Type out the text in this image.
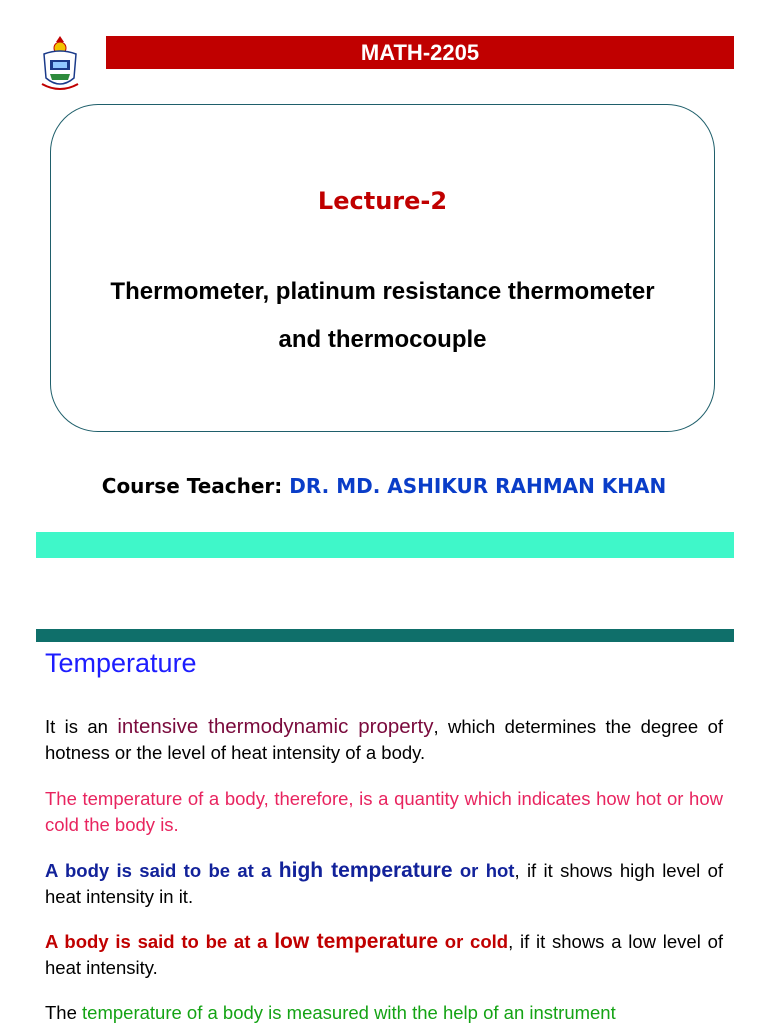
MATH-2205
Lecture-2
Thermometer, platinum resistance thermometer
and thermocouple
Course Teacher: DR. MD. ASHIKUR RAHMAN KHAN
Temperature
It is an intensive thermodynamic property, which determines the degree of hotness or the level of heat intensity of a body.
The temperature of a body, therefore, is a quantity which indicates how hot or how cold the body is.
A body is said to be at a high temperature or hot, if it shows high level of heat intensity in it.
A body is said to be at a low temperature or cold, if it shows a low level of heat intensity.
The temperature of a body is measured with the help of an instrument
